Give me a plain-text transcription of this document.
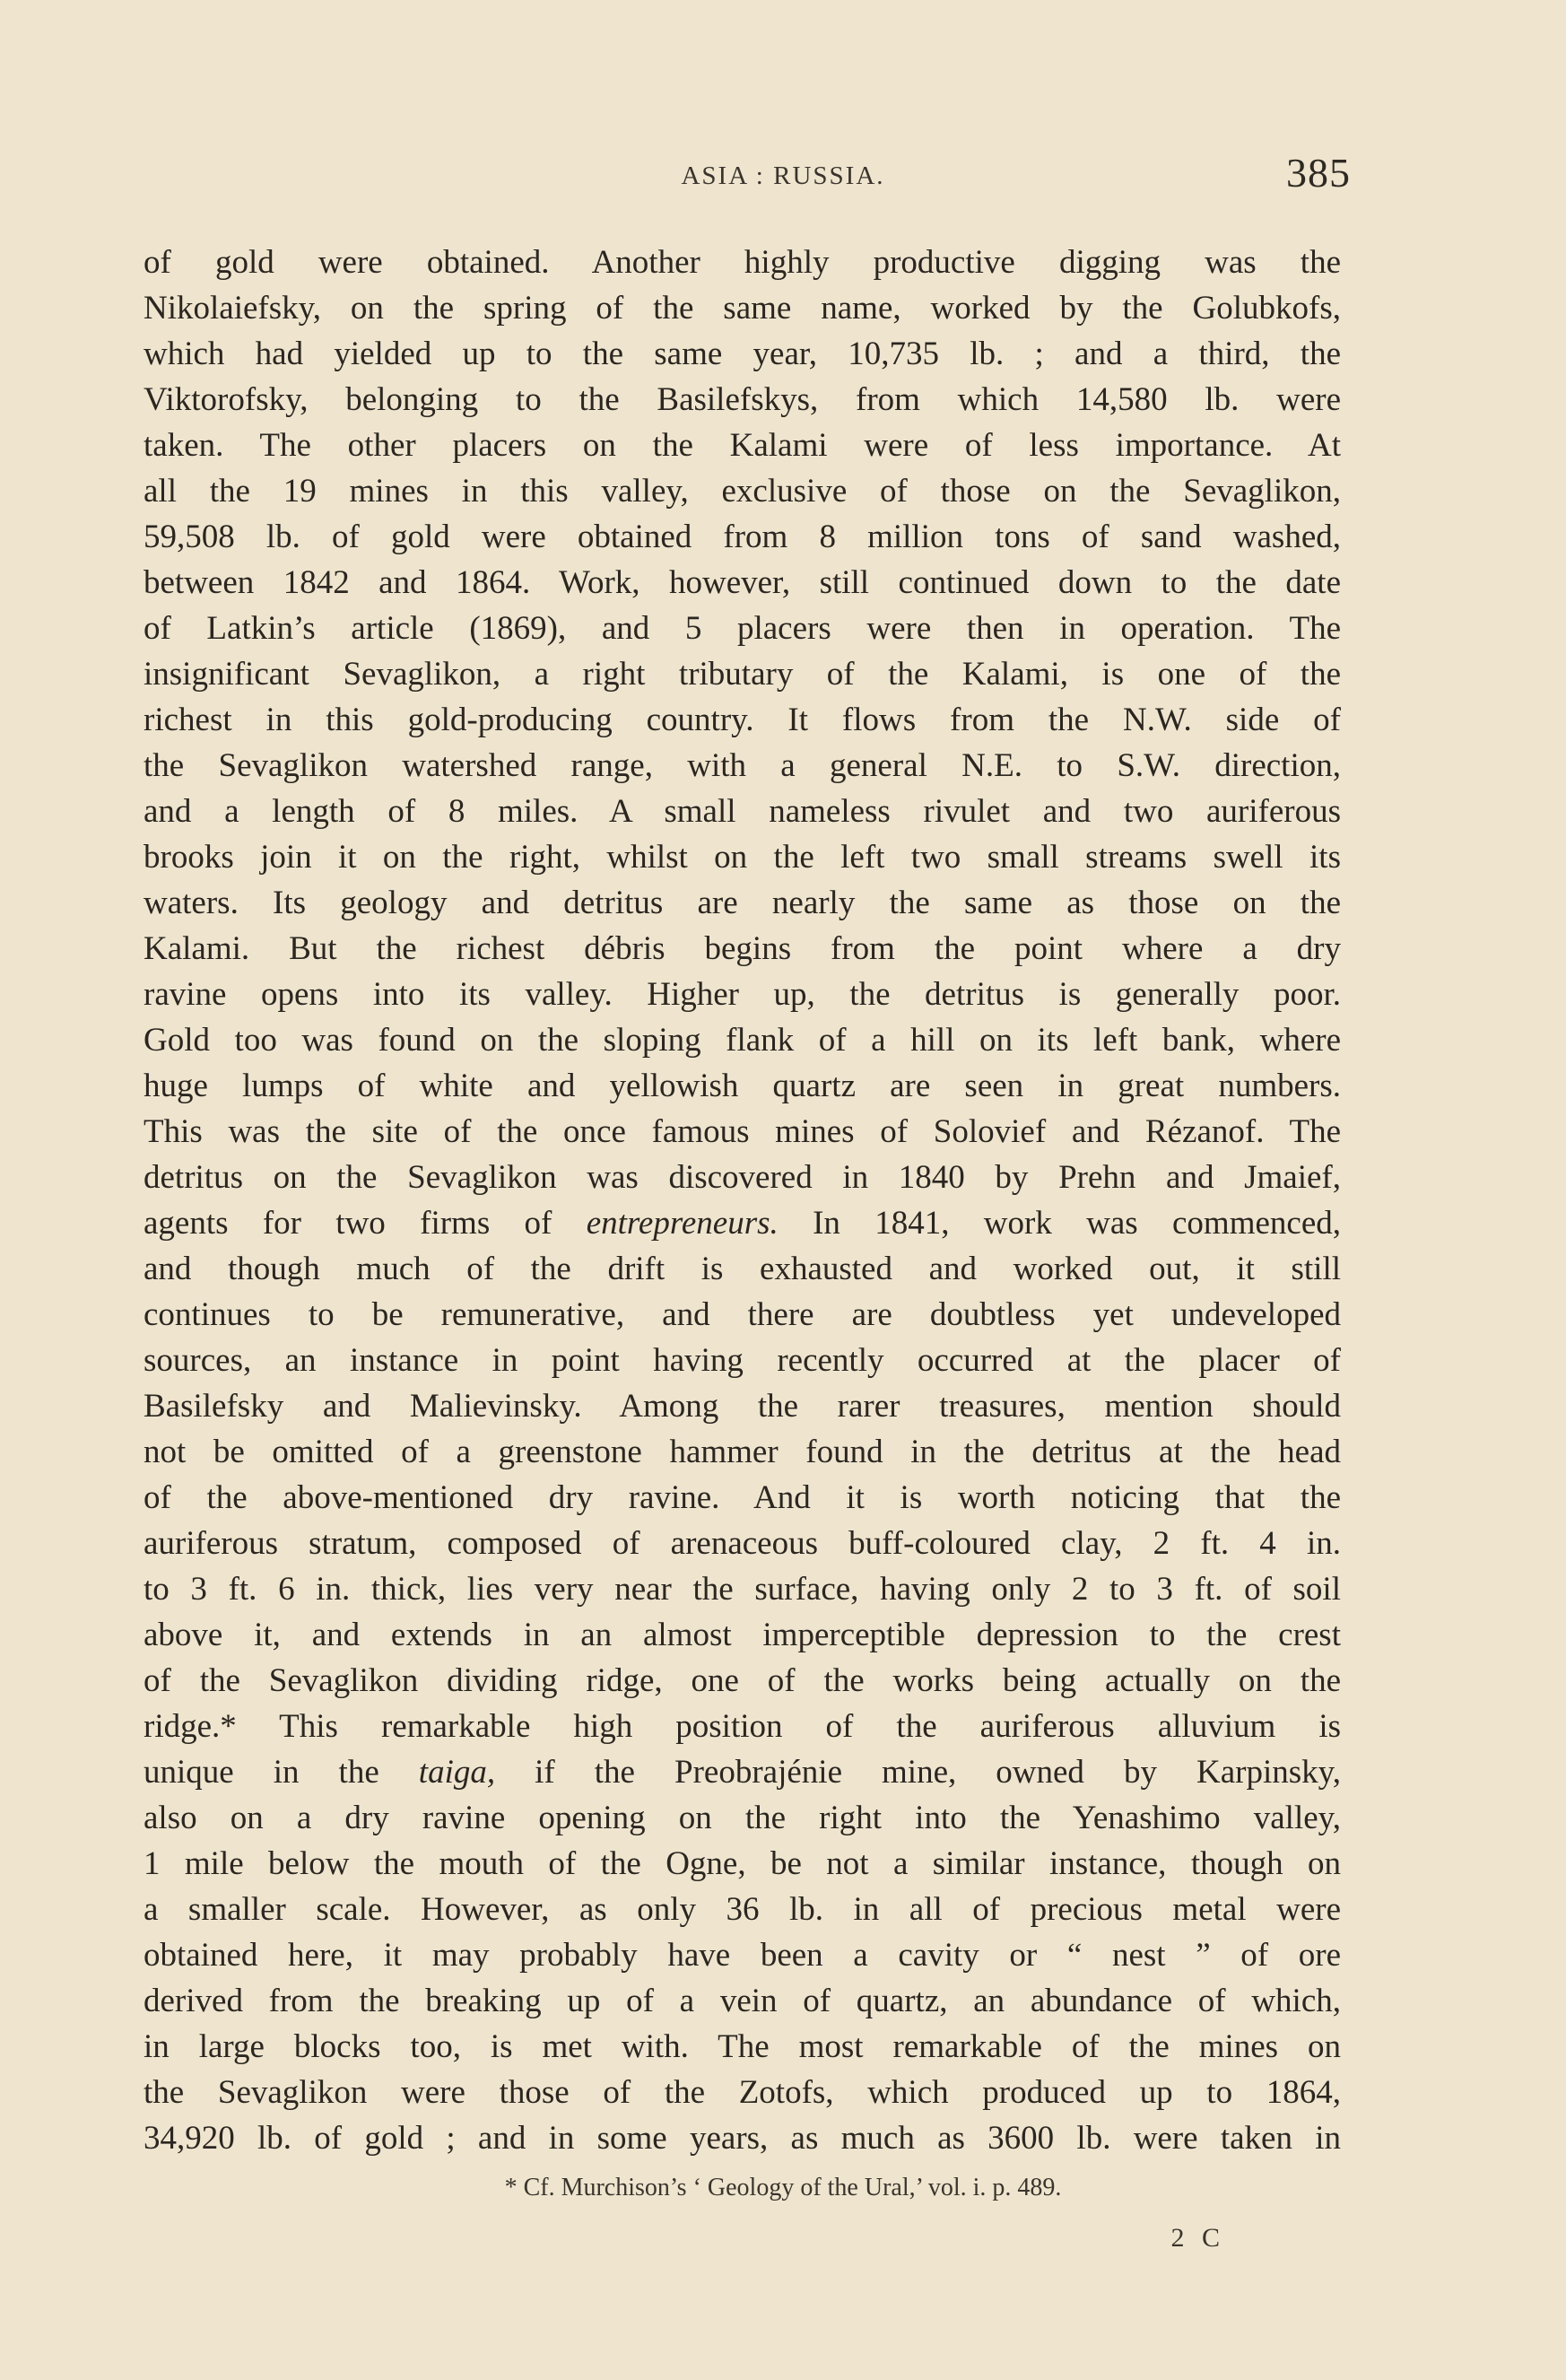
ASIA : RUSSIA.	385
of gold were obtained. Another highly productive digging was the
Nikolaiefsky, on the spring of the same name, worked by the Golubkofs,
which had yielded up to the same year, 10,735 lb. ; and a third, the
Viktorofsky, belonging to the Basilefskys, from which 14,580 lb. were
taken. The other placers on the Kalami were of less importance. At
all the 19 mines in this valley, exclusive of those on the Sevaglikon,
59,508 lb. of gold were obtained from 8 million tons of sand washed,
between 1842 and 1864. Work, however, still continued down to the date
of Latkin’s article (1869), and 5 placers were then in operation. The
insignificant Sevaglikon, a right tributary of the Kalami, is one of the
richest in this gold-producing country. It flows from the N.W. side of
the Sevaglikon watershed range, with a general N.E. to S.W. direction,
and a length of 8 miles. A small nameless rivulet and two auriferous
brooks join it on the right, whilst on the left two small streams swell its
waters. Its geology and detritus are nearly the same as those on the
Kalami. But the richest débris begins from the point where a dry
ravine opens into its valley. Higher up, the detritus is generally poor.
Gold too was found on the sloping flank of a hill on its left bank, where
huge lumps of white and yellowish quartz are seen in great numbers.
This was the site of the once famous mines of Solovief and Rézanof. The
detritus on the Sevaglikon was discovered in 1840 by Prehn and Jmaief,
agents for two firms of entrepreneurs. In 1841, work was commenced,
and though much of the drift is exhausted and worked out, it still
continues to be remunerative, and there are doubtless yet undeveloped
sources, an instance in point having recently occurred at the placer of
Basilefsky and Malievinsky. Among the rarer treasures, mention should
not be omitted of a greenstone hammer found in the detritus at the head
of the above-mentioned dry ravine. And it is worth noticing that the
auriferous stratum, composed of arenaceous buff-coloured clay, 2 ft. 4 in.
to 3 ft. 6 in. thick, lies very near the surface, having only 2 to 3 ft. of soil
above it, and extends in an almost imperceptible depression to the crest
of the Sevaglikon dividing ridge, one of the works being actually on the
ridge.* This remarkable high position of the auriferous alluvium is
unique in the taiga, if the Preobrajénie mine, owned by Karpinsky,
also on a dry ravine opening on the right into the Yenashimo valley,
1 mile below the mouth of the Ogne, be not a similar instance, though on
a smaller scale. However, as only 36 lb. in all of precious metal were
obtained here, it may probably have been a cavity or “ nest ” of ore
derived from the breaking up of a vein of quartz, an abundance of which,
in large blocks too, is met with. The most remarkable of the mines on
the Sevaglikon were those of the Zotofs, which produced up to 1864,
34,920 lb. of gold ; and in some years, as much as 3600 lb. were taken in
* Cf. Murchison’s ‘ Geology of the Ural,’ vol. i. p. 489.
2 C
